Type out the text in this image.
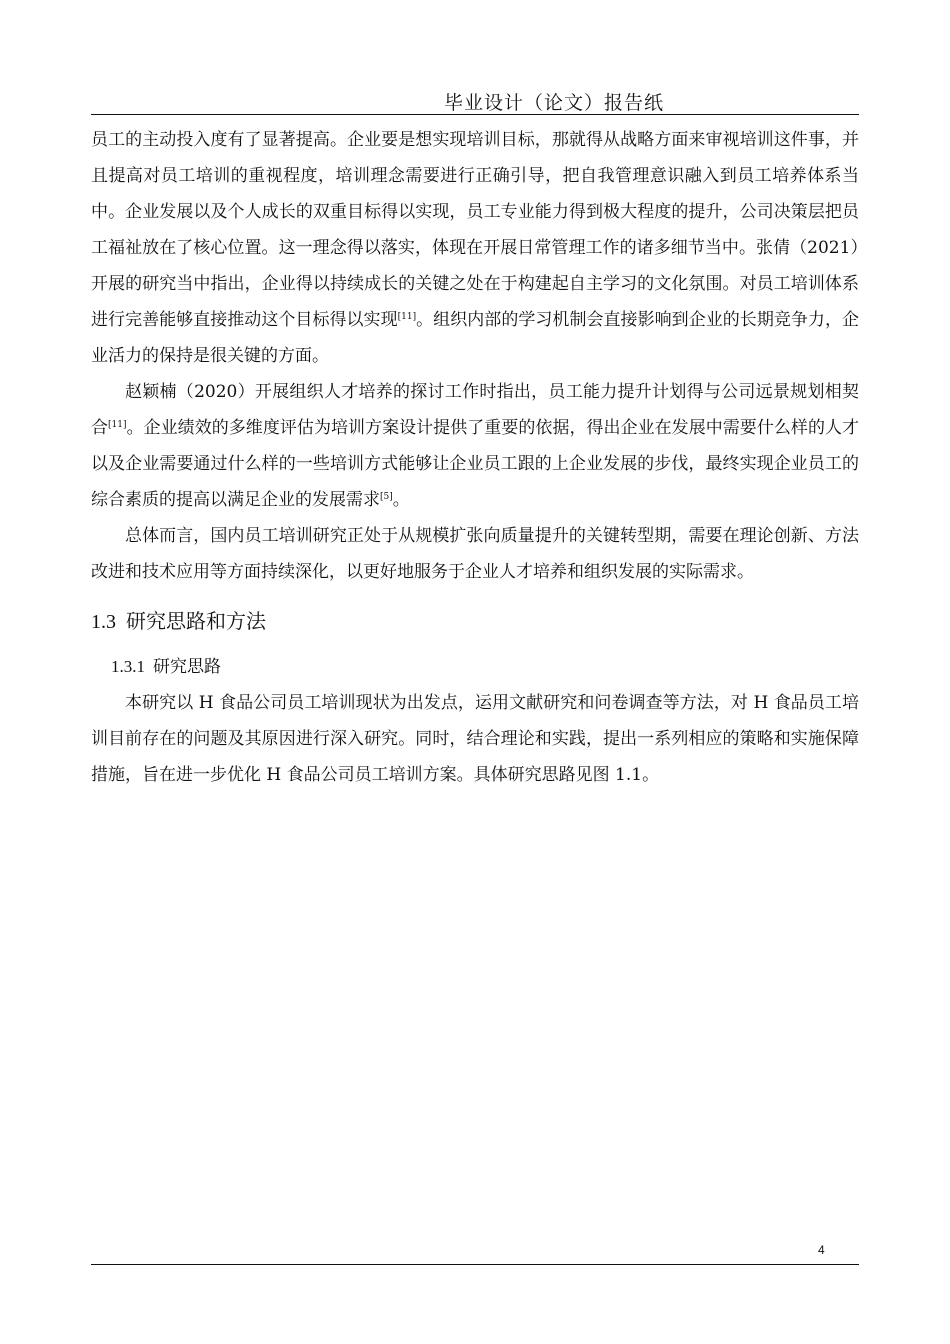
毕业设计（论文）报告纸

员工的主动投入度有了显著提高。企业要是想实现培训目标，那就得从战略方面来审视培训这件事，并且提高对员工培训的重视程度，培训理念需要进行正确引导，把自我管理意识融入到员工培养体系当中。企业发展以及个人成长的双重目标得以实现，员工专业能力得到极大程度的提升，公司决策层把员工福祉放在了核心位置。这一理念得以落实，体现在开展日常管理工作的诸多细节当中。张倩（2021）开展的研究当中指出，企业得以持续成长的关键之处在于构建起自主学习的文化氛围。对员工培训体系进行完善能够直接推动这个目标得以实现[11]。组织内部的学习机制会直接影响到企业的长期竞争力，企业活力的保持是很关键的方面。

赵颖楠（2020）开展组织人才培养的探讨工作时指出，员工能力提升计划得与公司远景规划相契合[11]。企业绩效的多维度评估为培训方案设计提供了重要的依据，得出企业在发展中需要什么样的人才以及企业需要通过什么样的一些培训方式能够让企业员工跟的上企业发展的步伐，最终实现企业员工的综合素质的提高以满足企业的发展需求[5]。

总体而言，国内员工培训研究正处于从规模扩张向质量提升的关键转型期，需要在理论创新、方法改进和技术应用等方面持续深化，以更好地服务于企业人才培养和组织发展的实际需求。

1.3 研究思路和方法
1.3.1 研究思路

本研究以 H 食品公司员工培训现状为出发点，运用文献研究和问卷调查等方法，对 H 食品员工培训目前存在的问题及其原因进行深入研究。同时，结合理论和实践，提出一系列相应的策略和实施保障措施，旨在进一步优化 H 食品公司员工培训方案。具体研究思路见图 1.1。

4
